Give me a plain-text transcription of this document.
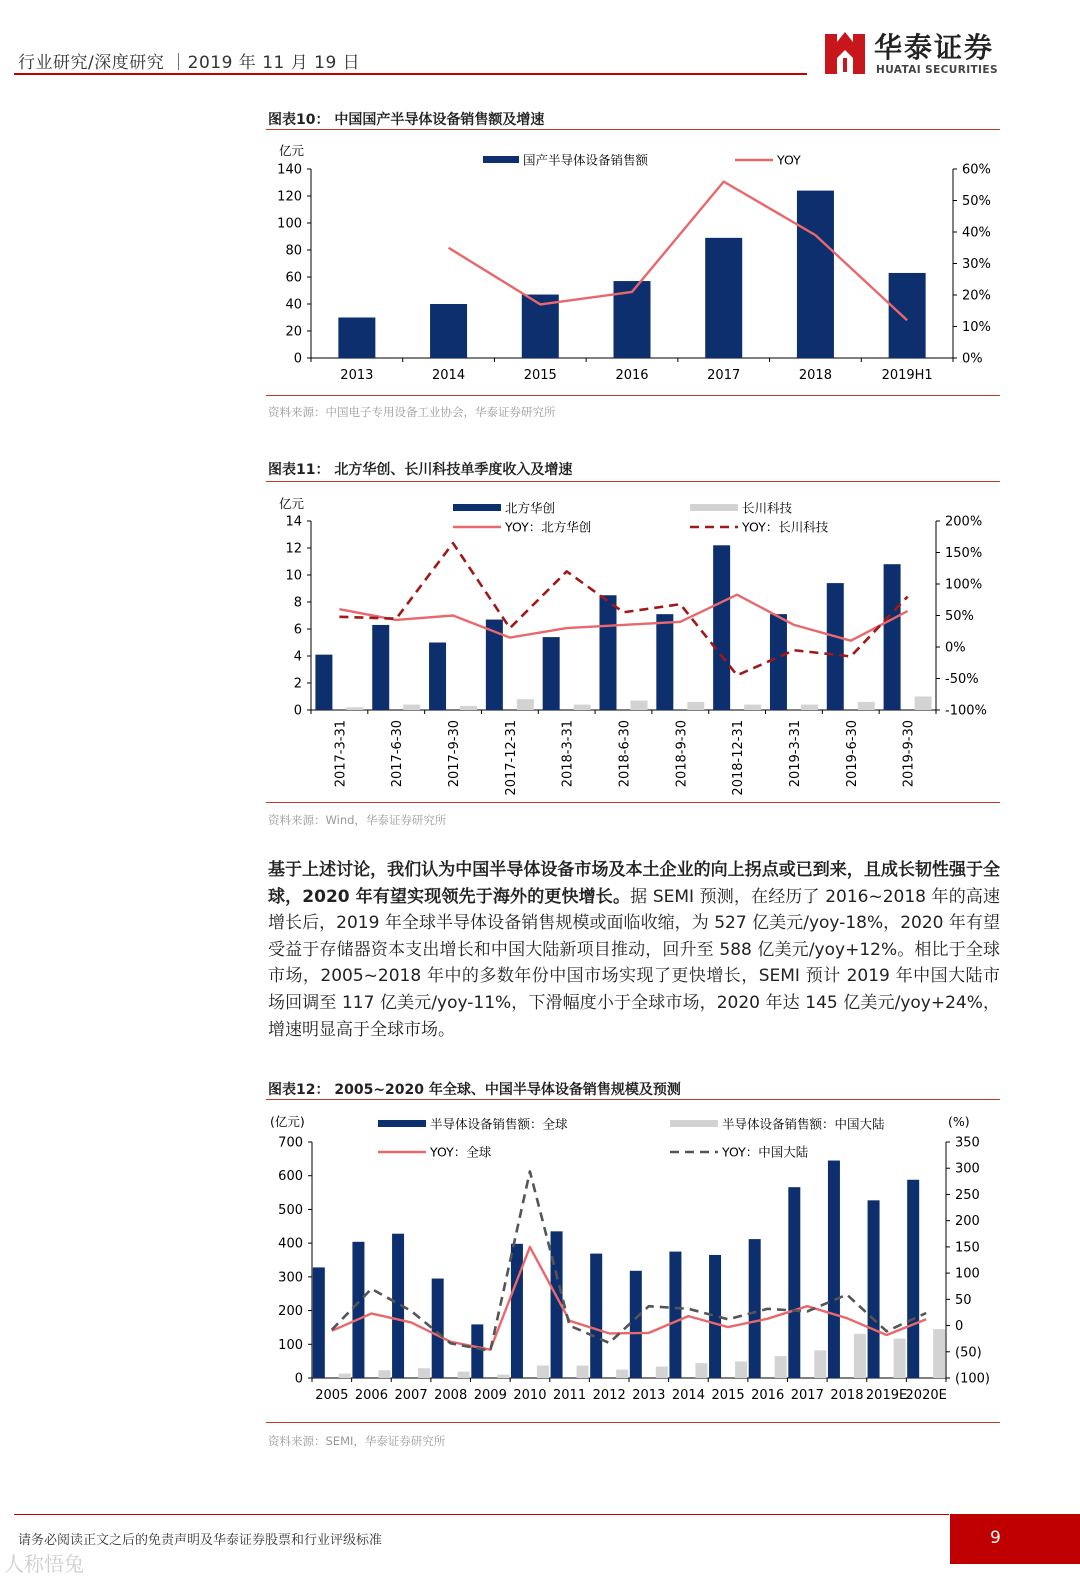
行业研究/深度研究 ｜2019 年 11 月 19 日	华泰证券
HUATAI SECURITIES
图表10： 中国国产半导体设备销售额及增速
0
20
40
60
80
100
120
140
0%
10%
20%
30%
40%
50%
60%
亿元
2013	2014	2015	2016	2017	2018	2019H1
国产半导体设备销售额	YOY
资料来源：中国电子专用设备工业协会，华泰证券研究所
图表11： 北方华创、长川科技单季度收入及增速
0
2
4
6
8
10
12
14
-100%
-50%
0%
50%
100%
150%
200%
亿元
2017-3-31	2017-6-30	2017-9-30	2017-12-31	2018-3-31	2018-6-30	2018-9-30	2018-12-31	2019-3-31	2019-6-30	2019-9-30
北方华创	长川科技
YOY：北方华创	YOY：长川科技
资料来源：Wind，华泰证券研究所
基于上述讨论，我们认为中国半导体设备市场及本土企业的向上拐点或已到来，且成长韧性强于全球，2020 年有望实现领先于海外的更快增长。据 SEMI 预测，在经历了 2016~2018 年的高速增长后，2019 年全球半导体设备销售规模或面临收缩，为 527 亿美元/yoy-18%，2020 年有望受益于存储器资本支出增长和中国大陆新项目推动，回升至 588 亿美元/yoy+12%。相比于全球市场，2005~2018 年中的多数年份中国市场实现了更快增长，SEMI 预计 2019 年中国大陆市场回调至 117 亿美元/yoy-11%，下滑幅度小于全球市场，2020 年达 145 亿美元/yoy+24%，增速明显高于全球市场。
图表12： 2005~2020 年全球、中国半导体设备销售规模及预测
0
100
200
300
400
500
600
700
(100)
(50)
0
50
100
150
200
250
300
350
(亿元)	(%)
2005 2006 2007 2008 2009 2010 2011 2012 2013 2014 2015 2016 2017 2018 2019E
2020E
半导体设备销售额：全球	半导体设备销售额：中国大陆
YOY：全球	YOY：中国大陆
资料来源：SEMI，华泰证券研究所
请务必阅读正文之后的免责声明及华泰证券股票和行业评级标准	9
人称悟兔
